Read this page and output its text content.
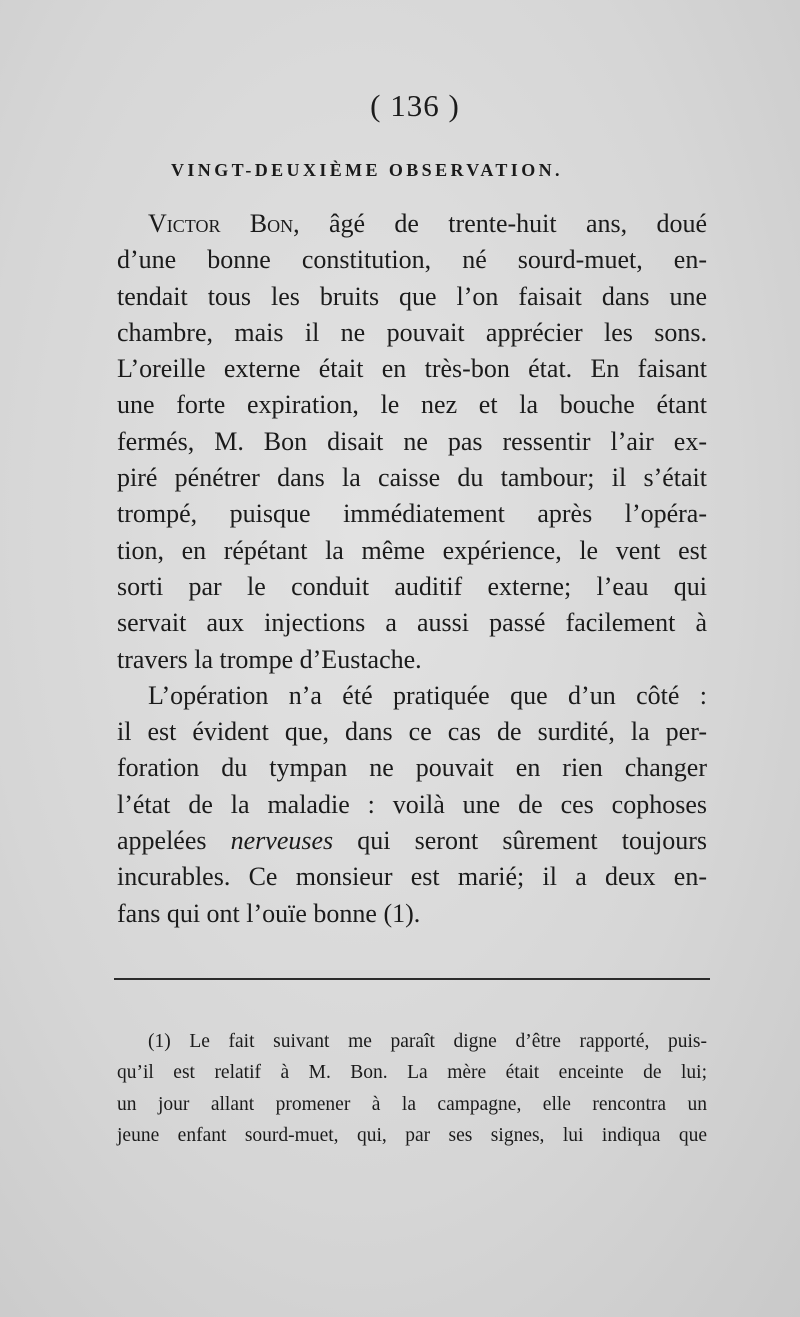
( 136 )
VINGT-DEUXIÈME OBSERVATION.
Victor Bon, âgé de trente-huit ans, doué
d’une bonne constitution, né sourd-muet, en-
tendait tous les bruits que l’on faisait dans une
chambre, mais il ne pouvait apprécier les sons.
L’oreille externe était en très-bon état. En faisant
une forte expiration, le nez et la bouche étant
fermés, M. Bon disait ne pas ressentir l’air ex-
piré pénétrer dans la caisse du tambour; il s’était
trompé, puisque immédiatement après l’opéra-
tion, en répétant la même expérience, le vent est
sorti par le conduit auditif externe; l’eau qui
servait aux injections a aussi passé facilement à
travers la trompe d’Eustache.
L’opération n’a été pratiquée que d’un côté :
il est évident que, dans ce cas de surdité, la per-
foration du tympan ne pouvait en rien changer
l’état de la maladie : voilà une de ces cophoses
appelées nerveuses qui seront sûrement toujours
incurables. Ce monsieur est marié; il a deux en-
fans qui ont l’ouïe bonne (1).
(1) Le fait suivant me paraît digne d’être rapporté, puis-
qu’il est relatif à M. Bon. La mère était enceinte de lui;
un jour allant promener à la campagne, elle rencontra un
jeune enfant sourd-muet, qui, par ses signes, lui indiqua que
